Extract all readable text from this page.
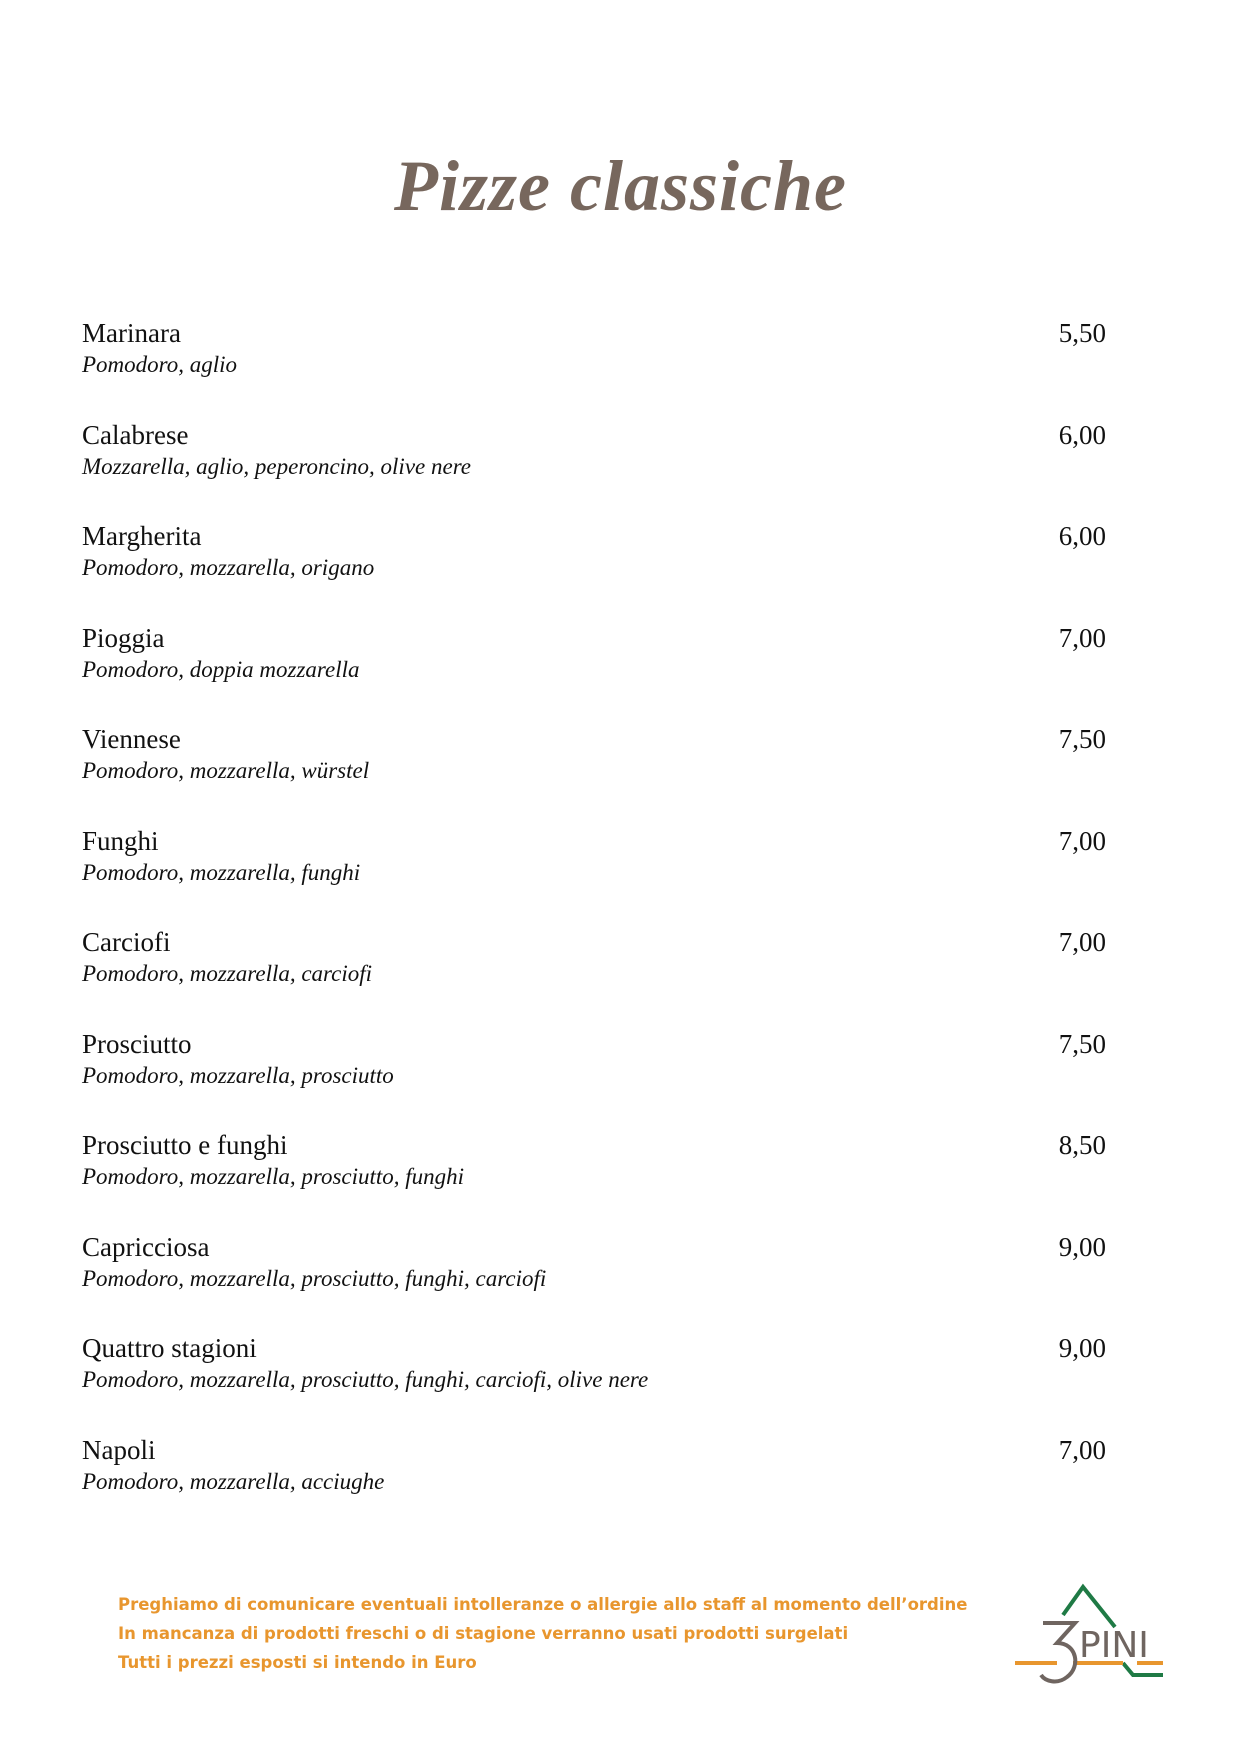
Pizze classiche
Marinara
Pomodoro, aglio
5,50
Calabrese
Mozzarella, aglio, peperoncino, olive nere
6,00
Margherita
Pomodoro, mozzarella, origano
6,00
Pioggia
Pomodoro, doppia mozzarella
7,00
Viennese
Pomodoro, mozzarella, würstel
7,50
Funghi
Pomodoro, mozzarella, funghi
7,00
Carciofi
Pomodoro, mozzarella, carciofi
7,00
Prosciutto
Pomodoro, mozzarella, prosciutto
7,50
Prosciutto e funghi
Pomodoro, mozzarella, prosciutto, funghi
8,50
Capricciosa
Pomodoro, mozzarella, prosciutto, funghi, carciofi
9,00
Quattro stagioni
Pomodoro, mozzarella, prosciutto, funghi, carciofi, olive nere
9,00
Napoli
Pomodoro, mozzarella, acciughe
7,00
Preghiamo di comunicare eventuali intolleranze o allergie allo staff al momento dell’ordine
In mancanza di prodotti freschi o di stagione verranno usati prodotti surgelati
Tutti i prezzi esposti si intendo in Euro	PINI
